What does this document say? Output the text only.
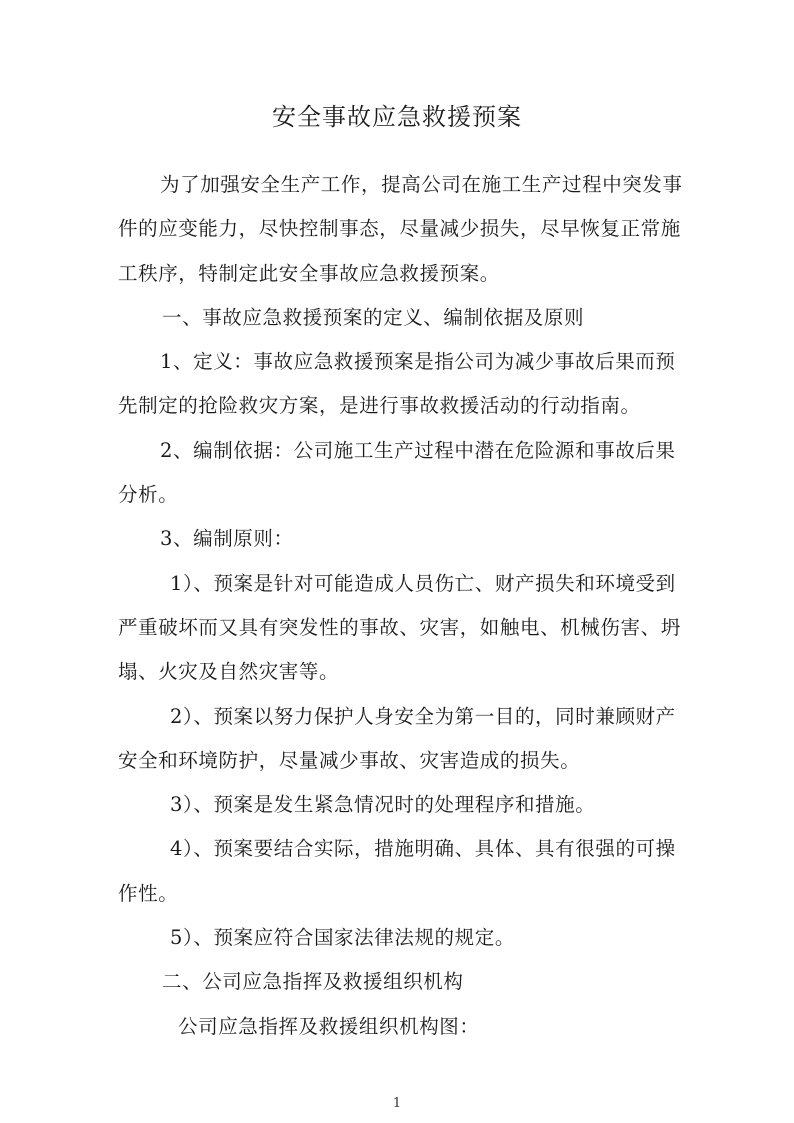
安全事故应急救援预案
为了加强安全生产工作，提高公司在施工生产过程中突发事
件的应变能力，尽快控制事态，尽量减少损失，尽早恢复正常施
工秩序，特制定此安全事故应急救援预案。
一、事故应急救援预案的定义、编制依据及原则
1、定义：事故应急救援预案是指公司为减少事故后果而预
先制定的抢险救灾方案，是进行事故救援活动的行动指南。
2、编制依据：公司施工生产过程中潜在危险源和事故后果
分析。
3、编制原则：
1）、预案是针对可能造成人员伤亡、财产损失和环境受到
严重破坏而又具有突发性的事故、灾害，如触电、机械伤害、坍
塌、火灾及自然灾害等。
2）、预案以努力保护人身安全为第一目的，同时兼顾财产
安全和环境防护，尽量减少事故、灾害造成的损失。
3）、预案是发生紧急情况时的处理程序和措施。
4）、预案要结合实际，措施明确、具体、具有很强的可操
作性。
5）、预案应符合国家法律法规的规定。
二、公司应急指挥及救援组织机构
公司应急指挥及救援组织机构图：
1
